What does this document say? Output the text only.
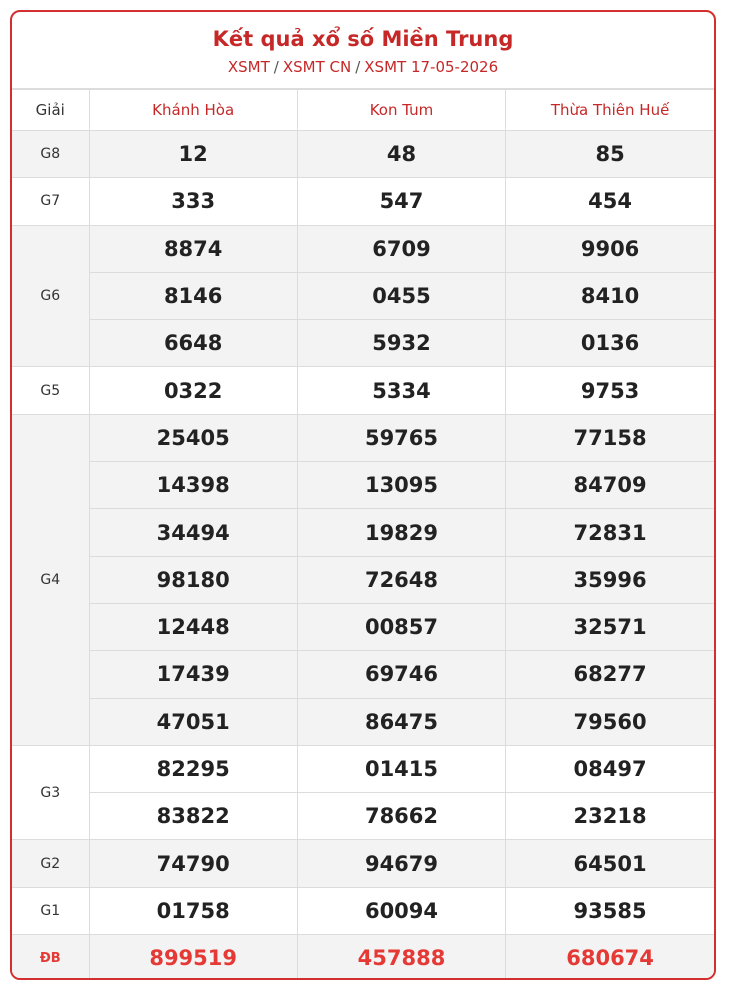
Kết quả xổ số Miền Trung
XSMT / XSMT CN / XSMT 17-05-2026
Giải	Khánh Hòa	Kon Tum	Thừa Thiên Huế
G8	12	48	85
G7	333	547	454
G6	8874	6709	9906
	8146	0455	8410
	6648	5932	0136
G5	0322	5334	9753
G4	25405	59765	77158
	14398	13095	84709
	34494	19829	72831
	98180	72648	35996
	12448	00857	32571
	17439	69746	68277
	47051	86475	79560
G3	82295	01415	08497
	83822	78662	23218
G2	74790	94679	64501
G1	01758	60094	93585
ĐB	899519	457888	680674
